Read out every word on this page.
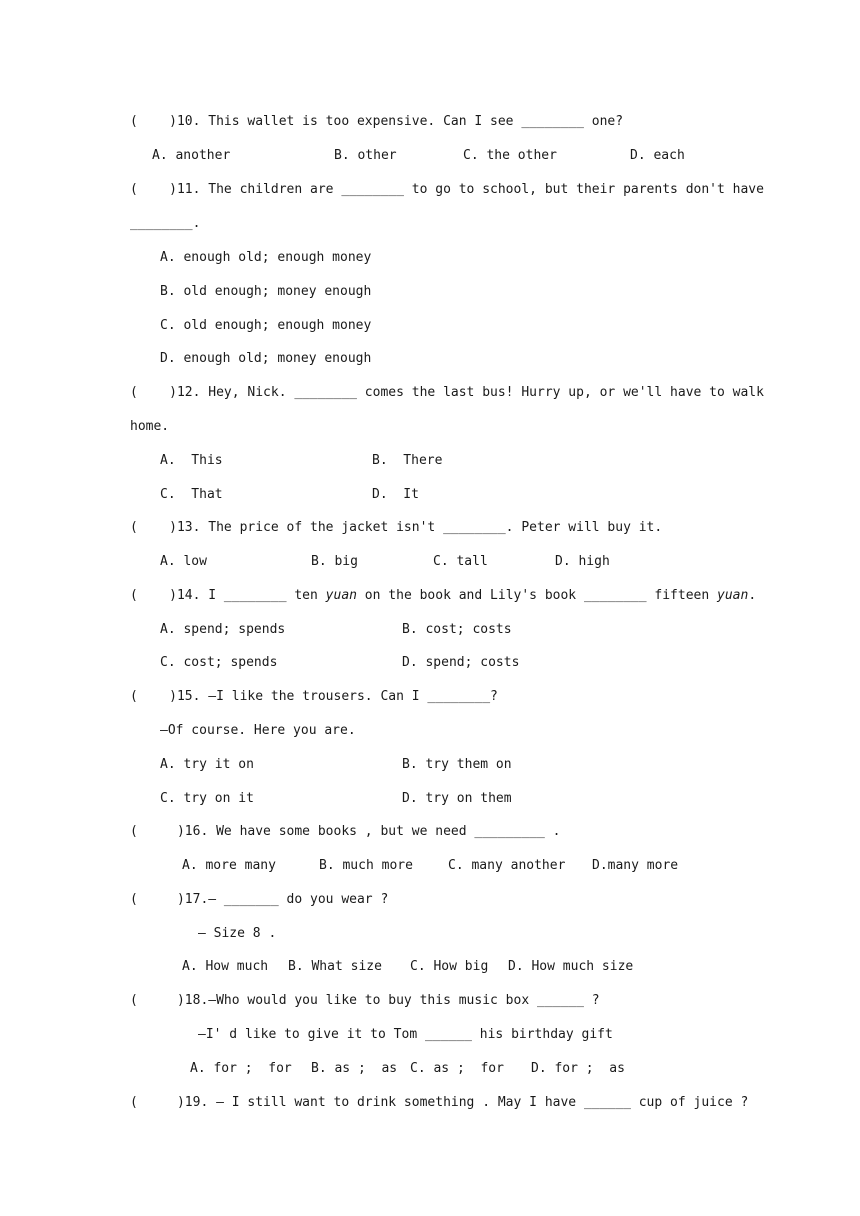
(    )10. This wallet is too expensive. Can I see ________ one?
A. another	B. other	C. the other	D. each
(    )11. The children are ________ to go to school, but their parents don't have
________.
A. enough old; enough money
B. old enough; money enough
C. old enough; enough money
D. enough old; money enough
(    )12. Hey, Nick. ________ comes the last bus! Hurry up, or we'll have to walk
home.
A.  This	B.  There
C.  That	D.  It
(    )13. The price of the jacket isn't ________. Peter will buy it.
A. low	B. big	C. tall	D. high
(    )14. I ________ ten yuan on the book and Lily's book ________ fifteen yuan.
A. spend; spends	B. cost; costs
C. cost; spends	D. spend; costs
(    )15. —I like the trousers. Can I ________?
—Of course. Here you are.
A. try it on	B. try them on
C. try on it	D. try on them
(     )16. We have some books , but we need _________ .
A. more many	B. much more	C. many another D.many more
(     )17.— _______ do you wear ?
— Size 8 .
A. How much B. What size C. How big D. How much size
(     )18.—Who would you like to buy this music box ______ ?
—I' d like to give it to Tom ______ his birthday gift
A. for ;  for B. as ;  as C. as ;  for D. for ;  as
(     )19. — I still want to drink something . May I have ______ cup of juice ?
